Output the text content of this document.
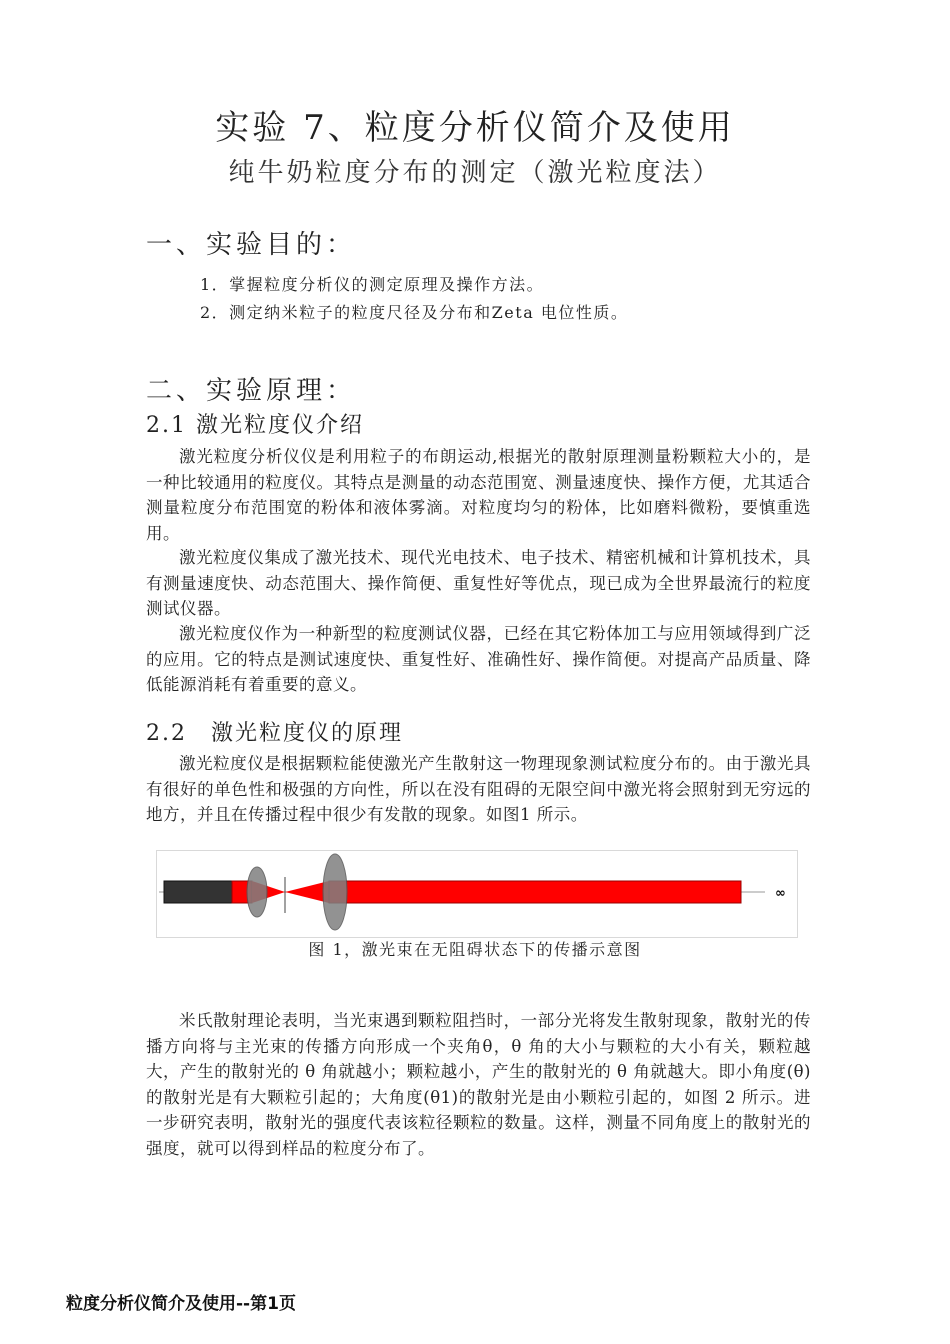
实验 7、粒度分析仪简介及使用
纯牛奶粒度分布的测定（激光粒度法）
一、实验目的：
1．掌握粒度分析仪的测定原理及操作方法。
2．测定纳米粒子的粒度尺径及分布和Zeta 电位性质。
二、实验原理：
2.1 激光粒度仪介绍

激光粒度分析仪仪是利用粒子的布朗运动,根据光的散射原理测量粉颗粒大小的，是一种比较通用的粒度仪。其特点是测量的动态范围宽、测量速度快、操作方便，尤其适合测量粒度分布范围宽的粉体和液体雾滴。对粒度均匀的粉体，比如磨料微粉，要慎重选用。

激光粒度仪集成了激光技术、现代光电技术、电子技术、精密机械和计算机技术，具有测量速度快、动态范围大、操作简便、重复性好等优点，现已成为全世界最流行的粒度测试仪器。

激光粒度仪作为一种新型的粒度测试仪器，已经在其它粉体加工与应用领域得到广泛的应用。它的特点是测试速度快、重复性好、准确性好、操作简便。对提高产品质量、降低能源消耗有着重要的意义。

2.2　激光粒度仪的原理

激光粒度仪是根据颗粒能使激光产生散射这一物理现象测试粒度分布的。由于激光具有很好的单色性和极强的方向性，所以在没有阻碍的无限空间中激光将会照射到无穷远的地方，并且在传播过程中很少有发散的现象。如图1 所示。

∞
图 1，激光束在无阻碍状态下的传播示意图

米氏散射理论表明，当光束遇到颗粒阻挡时，一部分光将发生散射现象，散射光的传播方向将与主光束的传播方向形成一个夹角θ，θ 角的大小与颗粒的大小有关，颗粒越大，产生的散射光的 θ 角就越小；颗粒越小，产生的散射光的 θ 角就越大。即小角度(θ)的散射光是有大颗粒引起的；大角度(θ1)的散射光是由小颗粒引起的，如图 2 所示。进一步研究表明，散射光的强度代表该粒径颗粒的数量。这样，测量不同角度上的散射光的强度，就可以得到样品的粒度分布了。

粒度分析仪简介及使用--第1页
